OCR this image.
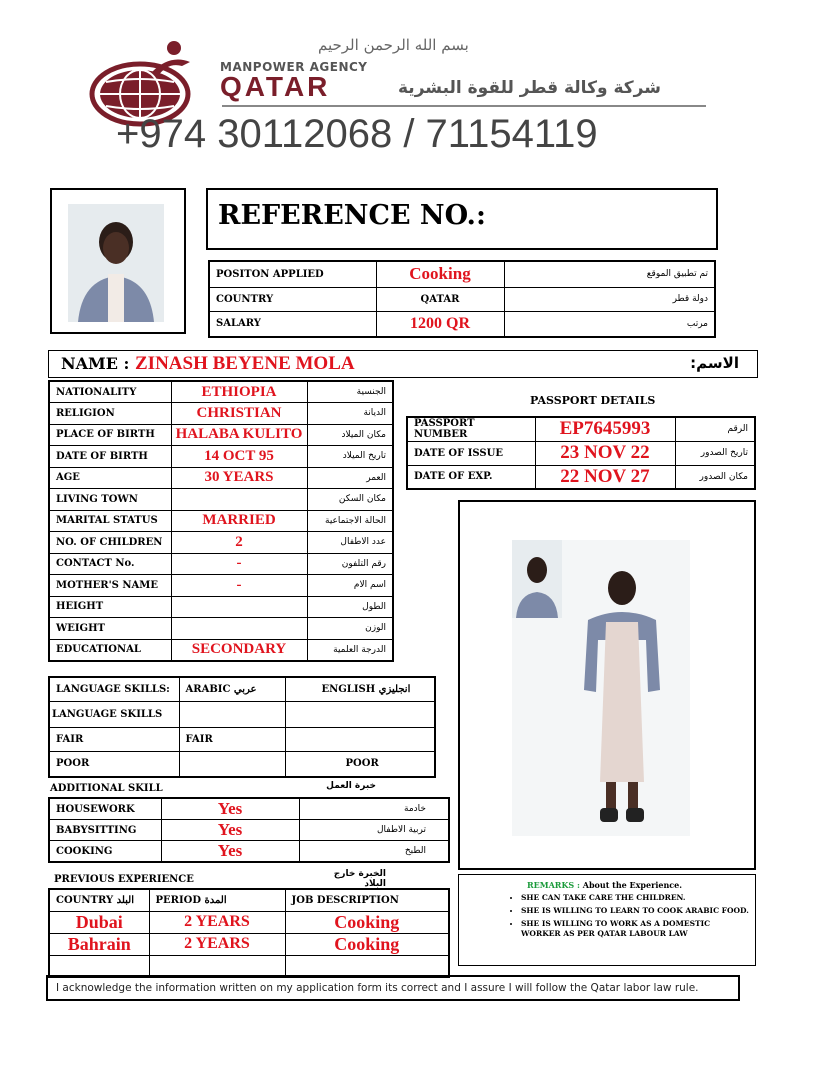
بسم الله الرحمن الرحيم
MANPOWER AGENCY
QATAR	شركة وكالة قطر للقوة البشرية
+974 30112068 / 71154119
REFERENCE NO.:
POSITON APPLIED	Cooking	تم تطبيق الموقع
COUNTRY	QATAR	دولة قطر
SALARY	1200 QR	مرتب
NAME : ZINASH BEYENE MOLA	الاسم:
NATIONALITY	ETHIOPIA	الجنسية
RELIGION	CHRISTIAN	الديانة
PLACE OF BIRTH	HALABA KULITO	مكان الميلاد
DATE OF BIRTH	14 OCT 95	تاريخ الميلاد
AGE	30 YEARS	العمر
LIVING TOWN		مكان السكن
MARITAL STATUS	MARRIED	الحالة الاجتماعية
NO. OF CHILDREN	2	عدد الاطفال
CONTACT No.	-	رقم التلفون
MOTHER'S NAME	-	اسم الام
HEIGHT		الطول
WEIGHT		الوزن
EDUCATIONAL	SECONDARY	الدرجة العلمية
PASSPORT DETAILS
PASSPORT NUMBER	EP7645993	الرقم
DATE OF ISSUE	23 NOV 22	تاريخ الصدور
DATE OF EXP.	22 NOV 27	مكان الصدور
LANGUAGE SKILLS:	ARABIC عربي	ENGLISH انجليزي
LANGUAGE SKILLS		
FAIR	FAIR	
POOR		POOR
ADDITIONAL SKILL	خبرة العمل
HOUSEWORK	Yes	خادمة
BABYSITTING	Yes	تربية الاطفال
COOKING	Yes	الطبخ
PREVIOUS EXPERIENCE	الخبرة خارج البلاد
COUNTRY البلد	PERIOD المدة	JOB DESCRIPTION
Dubai	2 YEARS	Cooking
Bahrain	2 YEARS	Cooking

REMARKS : About the Experience.
• SHE CAN TAKE CARE THE CHILDREN.
• SHE IS WILLING TO LEARN TO COOK ARABIC FOOD.
• SHE IS WILLING TO WORK AS A DOMESTIC WORKER AS PER QATAR LABOUR LAW
I acknowledge the information written on my application form its correct and I assure I will follow the Qatar labor law rule.
